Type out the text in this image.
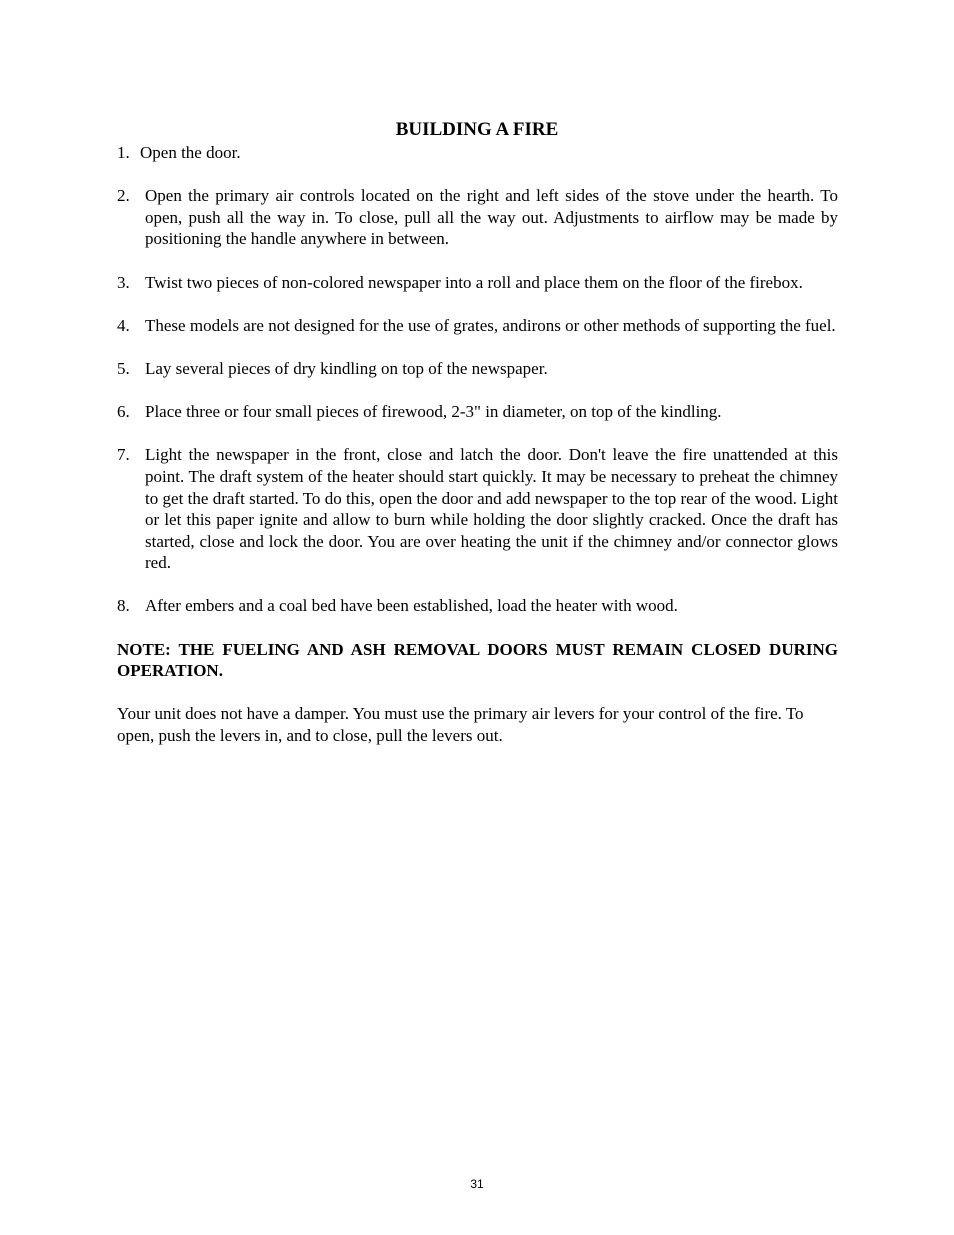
BUILDING A FIRE
1. Open the door.
2. Open the primary air controls located on the right and left sides of the stove under the hearth. To open, push all the way in. To close, pull all the way out. Adjustments to airflow may be made by positioning the handle anywhere in between.
3. Twist two pieces of non-colored newspaper into a roll and place them on the floor of the firebox.
4. These models are not designed for the use of grates, andirons or other methods of supporting the fuel.
5. Lay several pieces of dry kindling on top of the newspaper.
6. Place three or four small pieces of firewood, 2-3" in diameter, on top of the kindling.
7. Light the newspaper in the front, close and latch the door. Don't leave the fire unattended at this point. The draft system of the heater should start quickly. It may be necessary to preheat the chimney to get the draft started. To do this, open the door and add newspaper to the top rear of the wood. Light or let this paper ignite and allow to burn while holding the door slightly cracked. Once the draft has started, close and lock the door. You are over heating the unit if the chimney and/or connector glows red.
8. After embers and a coal bed have been established, load the heater with wood.

NOTE: THE FUELING AND ASH REMOVAL DOORS MUST REMAIN CLOSED DURING OPERATION.

Your unit does not have a damper. You must use the primary air levers for your control of the fire. To open, push the levers in, and to close, pull the levers out.

31
